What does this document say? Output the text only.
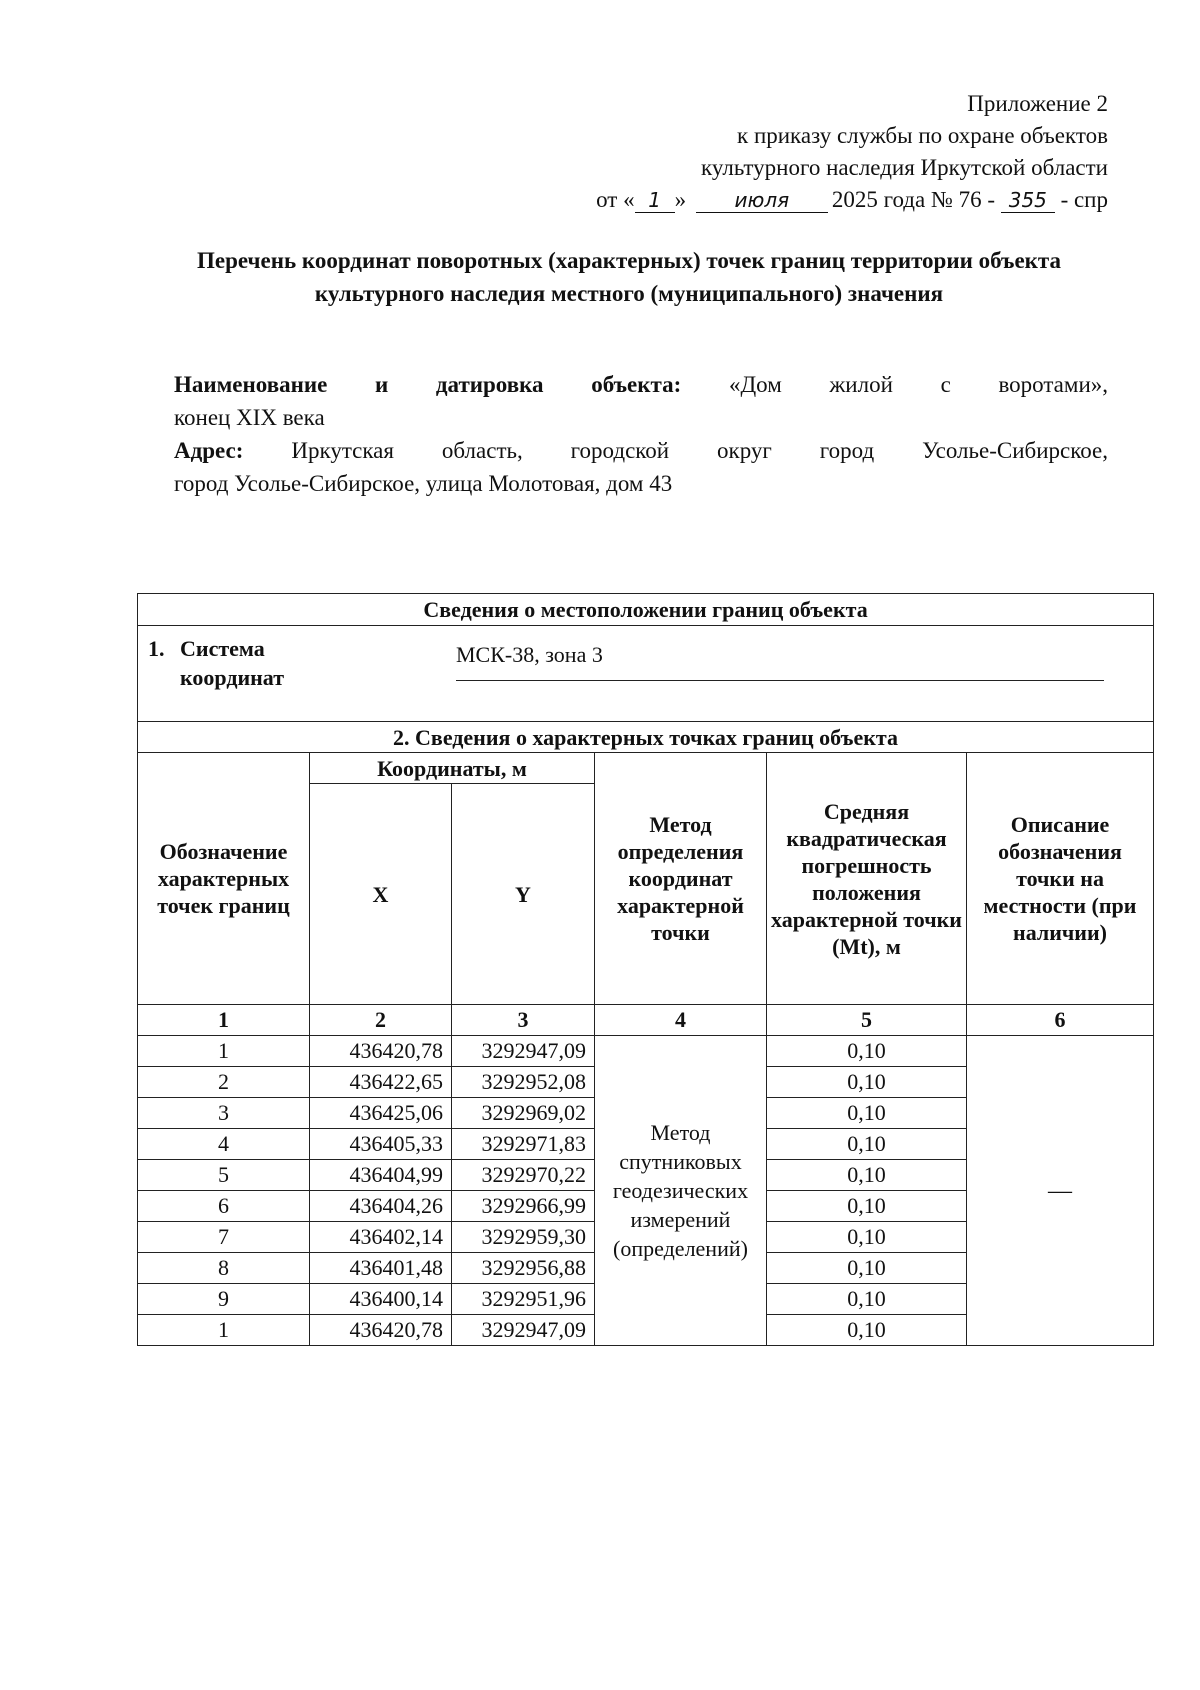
Приложение 2
к приказу службы по охране объектов
культурного наследия Иркутской области
от « 1 » июля 2025 года № 76 - 355 - спр
Перечень координат поворотных (характерных) точек границ территории объекта культурного наследия местного (муниципального) значения

Наименование и датировка объекта: «Дом жилой с воротами»,

конец XIX века

Адрес: Иркутская область, городской округ город Усолье-Сибирское,

город Усолье-Сибирское, улица Молотовая, дом 43

Сведения о местоположении границ объекта					

1. Система координат
МСК-38, зона 3					

2. Сведения о характерных точках границ объекта					
Обозначение характерных точек границ	Координаты, м		Метод определения координат характерной точки	Средняя квадратическая погрешность положения характерной точки (Mt), м	Описание обозначения точки на местности (при наличии)
	X	Y			
1	2	3	4	5	6
1	436420,78	3292947,09	Метод спутниковых геодезических измерений (определений)	0,10	—
2	436422,65	3292952,08		0,10	
3	436425,06	3292969,02		0,10	
4	436405,33	3292971,83		0,10	
5	436404,99	3292970,22		0,10	
6	436404,26	3292966,99		0,10	
7	436402,14	3292959,30		0,10	
8	436401,48	3292956,88		0,10	
9	436400,14	3292951,96		0,10	
1	436420,78	3292947,09		0,10	
